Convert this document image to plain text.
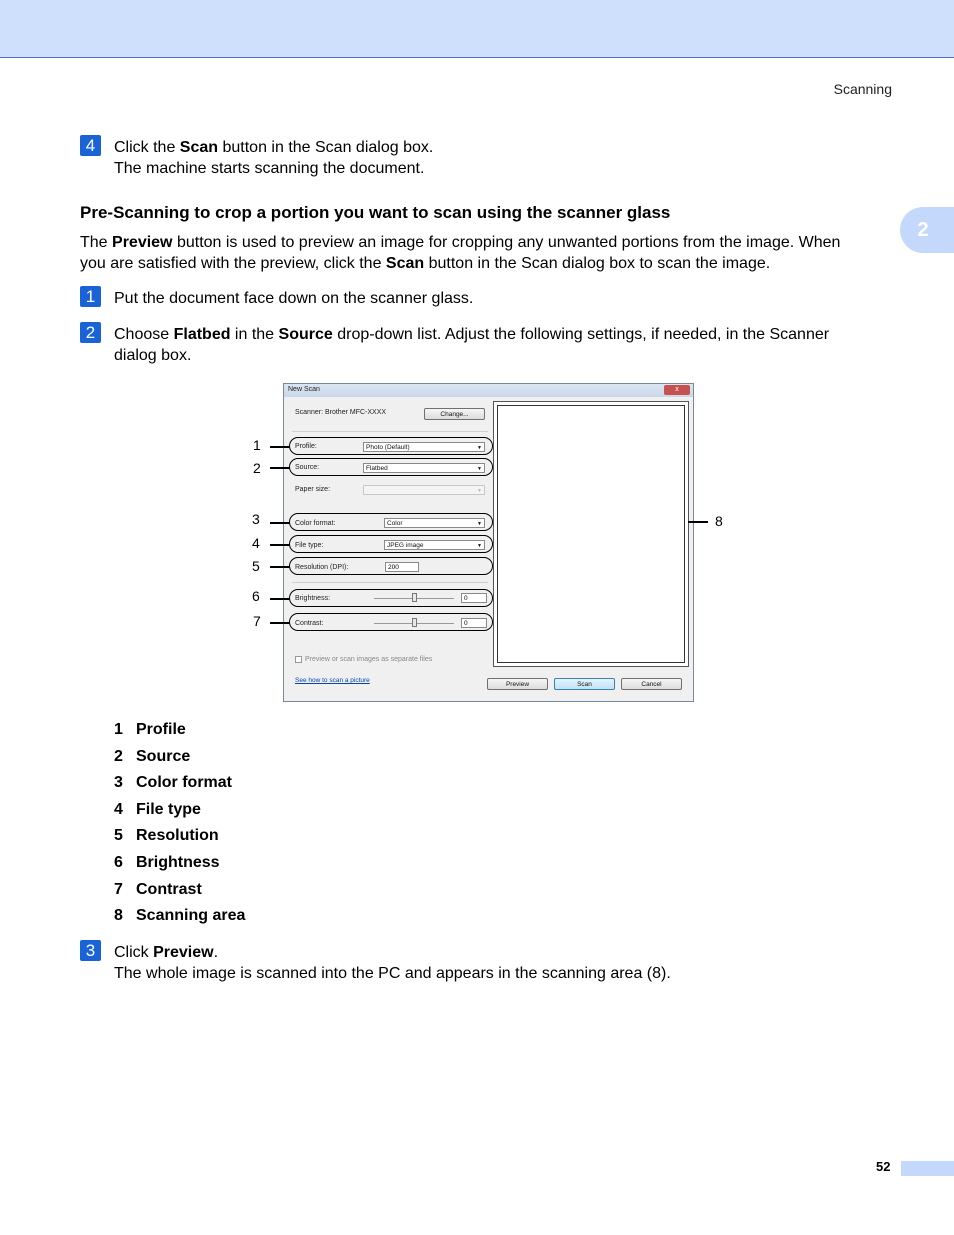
Scanning
2
4	Click the Scan button in the Scan dialog box.
The machine starts scanning the document.
Pre-Scanning to crop a portion you want to scan using the scanner glass
The Preview button is used to preview an image for cropping any unwanted portions from the image. When
you are satisfied with the preview, click the Scan button in the Scan dialog box to scan the image.
1	Put the document face down on the scanner glass.
2	Choose Flatbed in the Source drop-down list. Adjust the following settings, if needed, in the Scanner
dialog box.
New Scan	x
Scanner: Brother MFC-XXXX	Change...
Profile:	Photo (Default)	▼
Source:	Flatbed	▼
Paper size:	▼
Color format:	Color	▼
File type:	JPEG image	▼
Resolution (DPI):	200
Brightness:	0
Contrast:	0
Preview or scan images as separate files
See how to scan a picture
Preview	Scan	Cancel
1
2
3
4
5
6
7
8
1 Profile
2 Source
3 Color format
4 File type
5 Resolution
6 Brightness
7 Contrast
8 Scanning area
3	Click Preview.
The whole image is scanned into the PC and appears in the scanning area (8).
52
